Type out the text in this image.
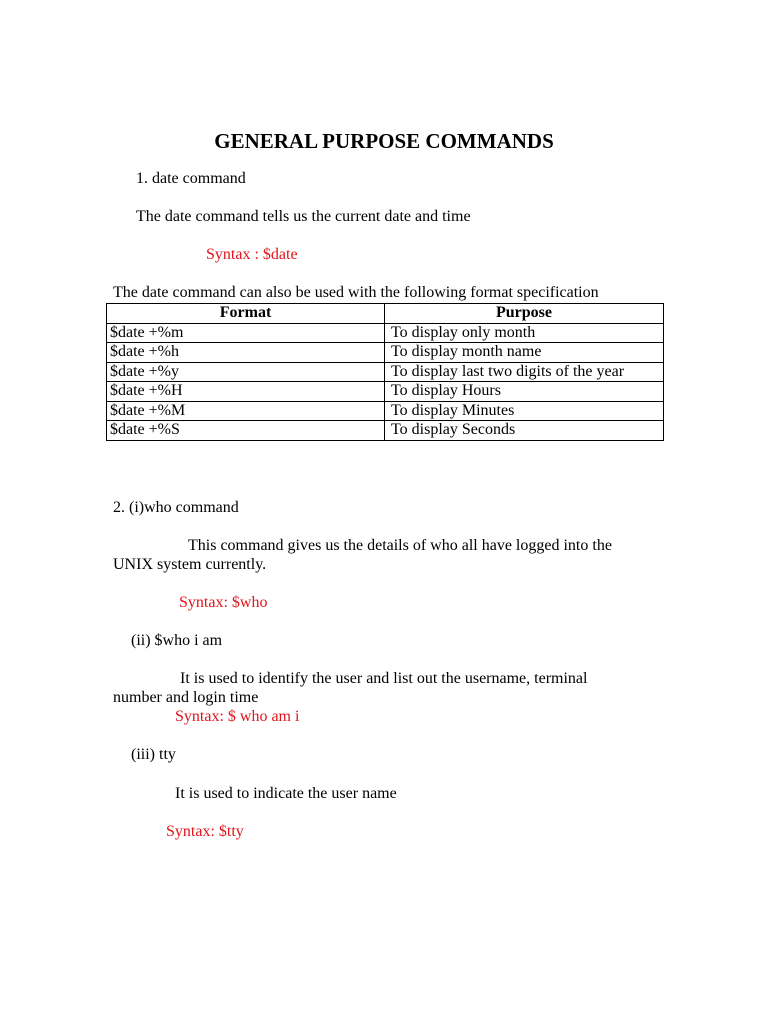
GENERAL PURPOSE COMMANDS
1. date command
The date command tells us the current date and time
Syntax : $date
The date command can also be used with the following format specification
Format	Purpose
$date +%m	To display only month
$date +%h	To display month name
$date +%y	To display last two digits of the year
$date +%H	To display Hours
$date +%M	To display Minutes
$date +%S	To display Seconds
2. (i)who command
This command gives us the details of who all have logged into the
UNIX system currently.
Syntax: $who
(ii) $who i am
It is used to identify the user and list out the username, terminal
number and login time
Syntax: $ who am i
(iii) tty
It is used to indicate the user name
Syntax: $tty
